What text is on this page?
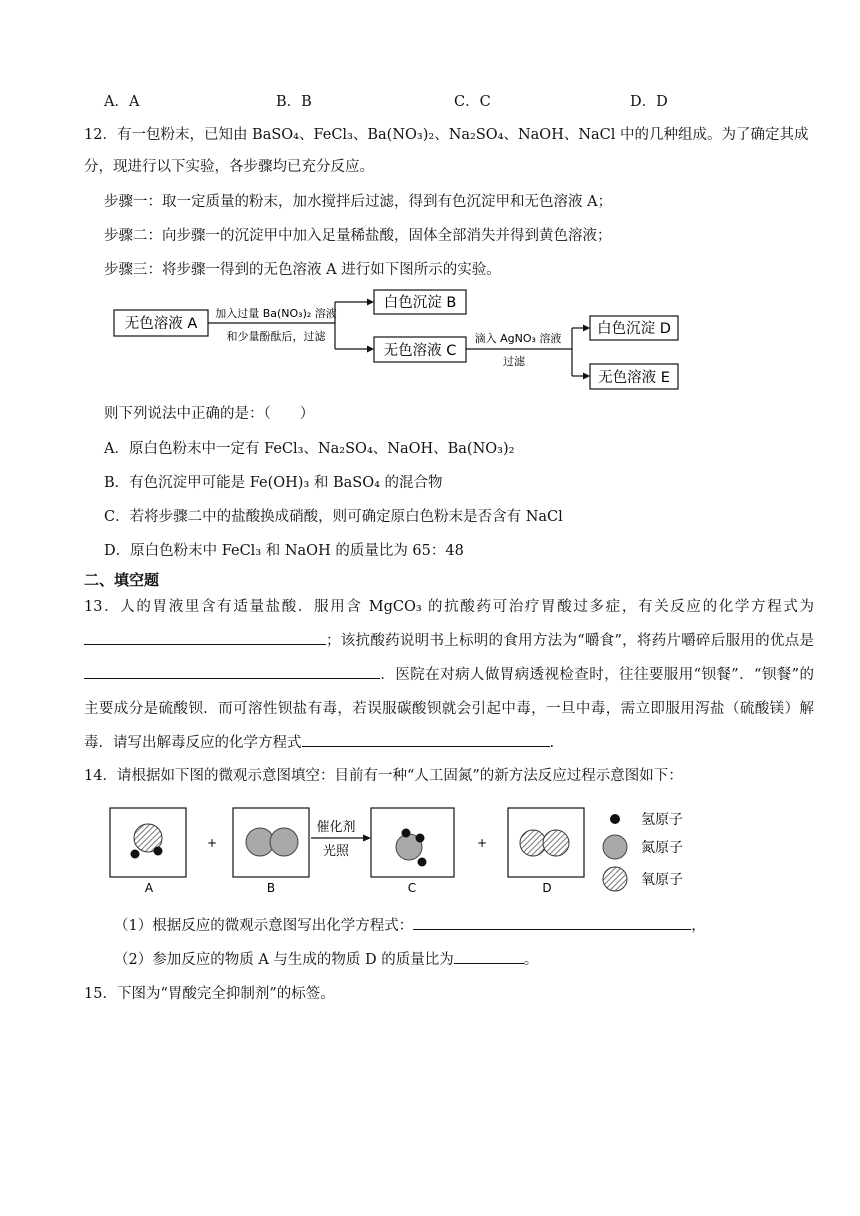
A．A	B．B	C．C	D．D
12．有一包粉末，已知由 BaSO₄、FeCl₃、Ba(NO₃)₂、Na₂SO₄、NaOH、NaCl 中的几种组成。为了确定其成
分，现进行以下实验，各步骤均已充分反应。
步骤一：取一定质量的粉末，加水搅拌后过滤，得到有色沉淀甲和无色溶液 A；
步骤二：向步骤一的沉淀甲中加入足量稀盐酸，固体全部消失并得到黄色溶液；
步骤三：将步骤一得到的无色溶液 A 进行如下图所示的实验。
无色溶液 A
加入过量 Ba(NO₃)₂ 溶液
和少量酚酞后，过滤
白色沉淀 B
无色溶液 C
滴入 AgNO₃ 溶液
过滤
白色沉淀 D
无色溶液 E
则下列说法中正确的是：（　　）
A．原白色粉末中一定有 FeCl₃、Na₂SO₄、NaOH、Ba(NO₃)₂
B．有色沉淀甲可能是 Fe(OH)₃ 和 BaSO₄ 的混合物
C．若将步骤二中的盐酸换成硝酸，则可确定原白色粉末是否含有 NaCl
D．原白色粉末中 FeCl₃ 和 NaOH 的质量比为 65：48
二、填空题
13．人的胃液里含有适量盐酸．服用含 MgCO₃ 的抗酸药可治疗胃酸过多症，有关反应的化学方程式为；该抗酸药说明书上标明的食用方法为“嚼食”，将药片嚼碎后服用的优点是．医院在对病人做胃病透视检查时，往往要服用“钡餐”．“钡餐”的主要成分是硫酸钡．而可溶性钡盐有毒，若误服碳酸钡就会引起中毒，一旦中毒，需立即服用泻盐（硫酸镁）解毒．请写出解毒反应的化学方程式	.
14．请根据如下图的微观示意图填空：目前有一种“人工固氮”的新方法反应过程示意图如下：
A
+
B
催化剂
光照
C
+
D
氢原子
氮原子
氧原子
（1）根据反应的微观示意图写出化学方程式：	，
（2）参加反应的物质 A 与生成的物质 D 的质量比为	。
15．下图为“胃酸完全抑制剂”的标签。
